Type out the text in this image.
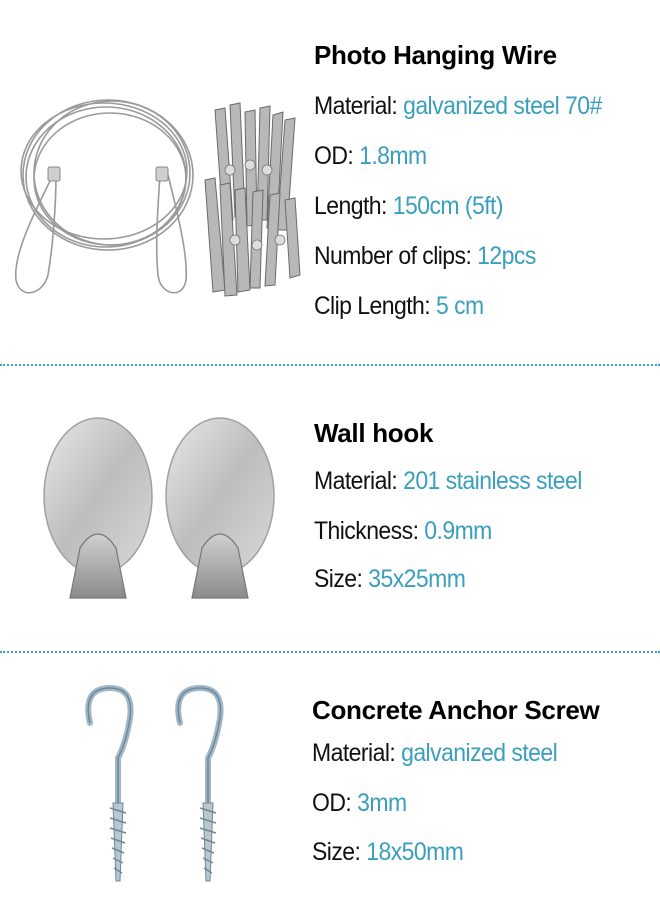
Photo Hanging Wire
Material: galvanized steel 70#
OD: 1.8mm
Length: 150cm (5ft)
Number of clips: 12pcs
Clip Length: 5 cm
Wall hook
Material: 201 stainless steel
Thickness: 0.9mm
Size: 35x25mm
Concrete Anchor Screw
Material: galvanized steel
OD: 3mm
Size: 18x50mm
